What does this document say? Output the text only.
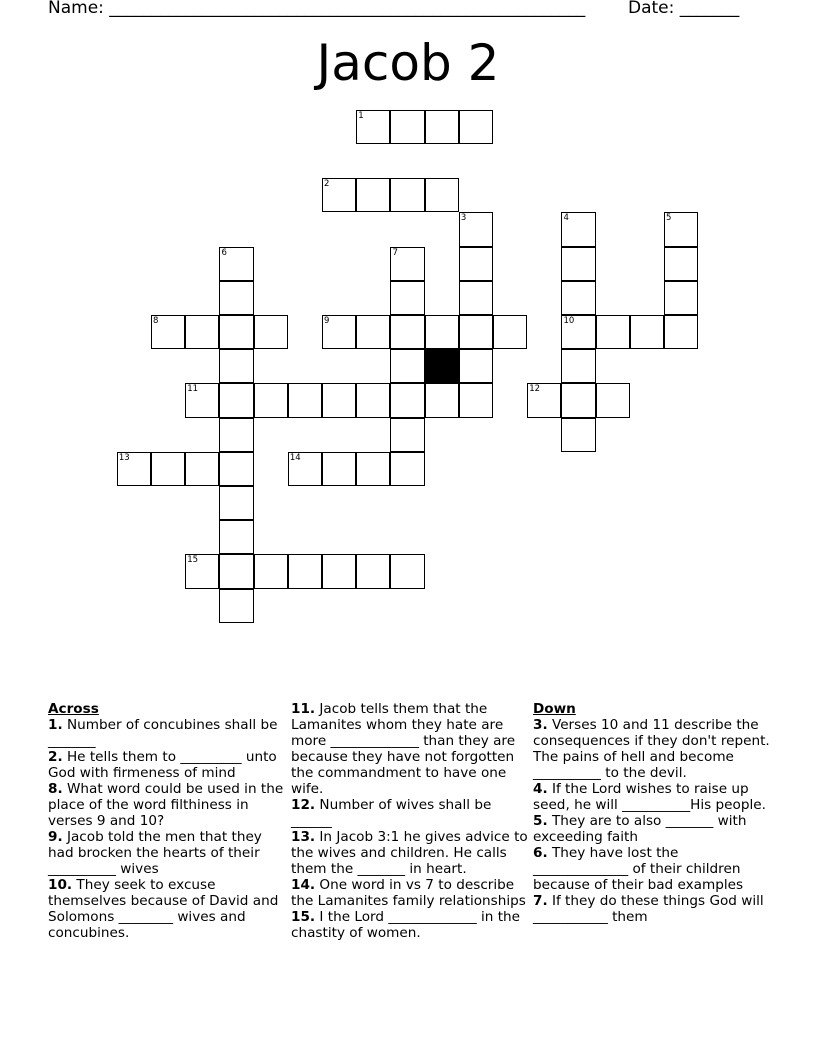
Name: ________________________________________________________	Date: _______
Jacob 2
1
2
8	9	10
11	12
13	14
15
3	4	5
6	7
Across
1. Number of concubines shall be _______
2. He tells them to _________ unto God with firmeness of mind
8. What word could be used in the place of the word filthiness in verses 9 and 10?
9. Jacob told the men that they had brocken the hearts of their __________ wives
10. They seek to excuse themselves because of David and Solomons ________ wives and concubines.
11. Jacob tells them that the Lamanites whom they hate are more _____________ than they are because they have not forgotten the commandment to have one wife.
12. Number of wives shall be ______
13. In Jacob 3:1 he gives advice to the wives and children. He calls them the _______ in heart.
14. One word in vs 7 to describe the Lamanites family relationships
15. I the Lord _____________ in the chastity of women.
Down
3. Verses 10 and 11 describe the consequences if they don't repent. The pains of hell and become __________ to the devil.
4. If the Lord wishes to raise up seed, he will __________His people.
5. They are to also _______ with exceeding faith
6. They have lost the ______________ of their children because of their bad examples
7. If they do these things God will ___________ them
